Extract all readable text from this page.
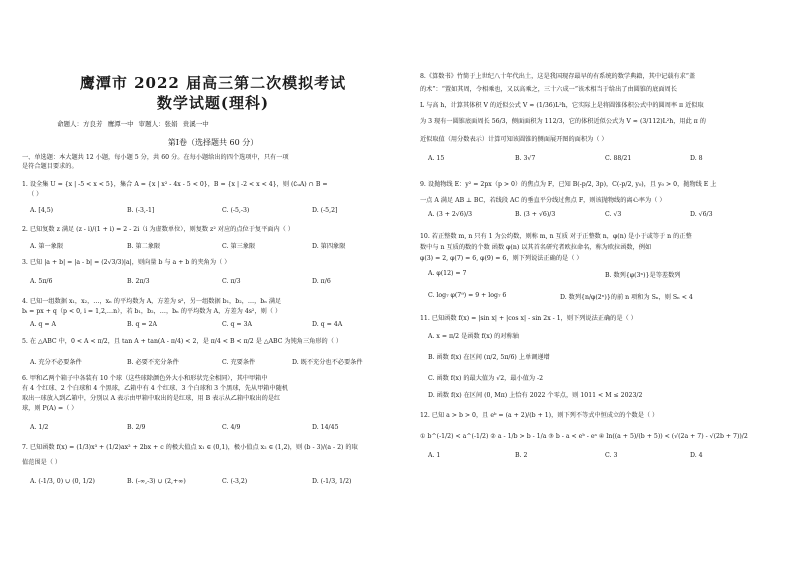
鹰潭市 2022 届高三第二次模拟考试
数学试题(理科)
命题人：方良芳 鹰潭一中 审题人：张娟 贵溪一中
第Ⅰ卷（选择题共 60 分）
一、单选题：本大题共 12 小题，每小题 5 分，共 60 分。在每小题给出的四个选项中，只有一项
是符合题目要求的。
1. 设全集 U = {x | -5 < x < 5}，集合 A = {x | x² - 4x - 5 < 0}，B = {x | -2 < x < 4}，则 (∁ᵤA) ∩ B =
（ ）
A. [4,5)	B. (-3,-1]	C. (-5,-3)	D. (-5,2]
2. 已知复数 z 满足 (z - i)/(1 + i) = 2 - 2i（i 为虚数单位），则复数 z² 对应的点位于复平面内（ ）
A. 第一象限	B. 第二象限	C. 第三象限	D. 第四象限
3. 已知 |a + b| = |a - b| = (2√3/3)|a|，则向量 b 与 a + b 的夹角为（ ）
A. 5π/6	B. 2π/3	C. π/3	D. π/6
4. 已知一组数据 x₁，x₂，…，xₙ 的平均数为 A，方差为 s²，另一组数据 b₁，b₂，…，bₙ 满足
bᵢ = px + q（p < 0, i = 1,2,…n），若 b₁，b₂，…，bₙ 的平均数为 A，方差为 4s²，则（ ）
A. q = A	B. q = 2A	C. q = 3A	D. q = 4A
5. 在 △ABC 中，0 < A < π/2，且 tan A + tan(A - π/4) < 2，是 π/4 < B < π/2 是 △ABC 为钝角三角形的（ ）
A. 充分不必要条件	B. 必要不充分条件	C. 充要条件	D. 既不充分也不必要条件
6. 甲和乙两个箱子中各装有 10 个球（这些球除颜色外大小和形状完全相同），其中甲箱中
有 4 个红球、2 个白球和 4 个黑球，乙箱中有 4 个红球、3 个白球和 3 个黑球，先从甲箱中随机
取出一球放入到乙箱中，分别以 A 表示由甲箱中取出的是红球，用 B 表示从乙箱中取出的是红
球，则 P(A) =（ ）
A. 1/2	B. 2/9	C. 4/9	D. 14/45
7. 已知函数 f(x) = (1/3)x³ + (1/2)ax² + 2bx + c 的极大值点 x₁ ∈ (0,1)，极小值点 x₂ ∈ (1,2)，则 (b - 3)/(a - 2) 的取
值范围是（ ）
A. (-1/3, 0) ∪ (0, 1/2)	B. (-∞,-3) ∪ (2,+∞)	C. (-3,2)	D. (-1/3, 1/2)
8.《算数书》竹简于上世纪八十年代出土，这是我国现存最早的有系统的数学典籍，其中记载有求“盖
的术”：“置如其周，令相乘也，又以高乘之，三十六成一”该术相当于给出了由圆锥的底面周长
L 与高 h，计算其体积 V 的近似公式 V ≈ (1/36)L²h，它实际上是将圆锥体积公式中的圆周率 π 近似取
为 3 现有一圆锥底面周长 56/3，侧面面积为 112/3，它的体积近似公式为 V ≈ (3/112)L²h，用此 π 的
近似取值（用分数表示）计算可知该圆锥的侧面展开图的面积为（ ）
A. 15	B. 3√7	C. 88/21	D. 8
9. 设抛物线 E：y² = 2px（p > 0）的焦点为 F，已知 B(-p/2, 3p)，C(-p/2, y₀)，且 y₀ > 0，抛物线 E 上
一点 A 满足 AB ⊥ BC，若线段 AC 的垂直平分线过焦点 F，则该抛物线的离心率为（ ）
A. (3 + 2√6)/3	B. (3 + √6)/3	C. √3	D. √6/3
10. 若正整数 m, n 只有 1 为公约数，则称 m, n 互质 对于正整数 n，φ(n) 是小于或等于 n 的正整
数中与 n 互质的数的个数 函数 φ(n) 以其首名研究者欧拉命名，称为欧拉函数，例如
φ(3) = 2, φ(7) = 6, φ(9) = 6，则下列说法正确的是（ ）
A. φ(12) = 7	B. 数列{φ(3ⁿ)}是等差数列
C. log₇ φ(7⁹) = 9 + log₇ 6	D. 数列{n/φ(2ⁿ)}的前 n 项和为 Sₙ，则 Sₙ < 4
11. 已知函数 f(x) = |sin x| + |cos x| - sin 2x - 1，则下列说法正确的是（ ）
A. x = π/2 是函数 f(x) 的对称轴
B. 函数 f(x) 在区间 (π/2, 5π/6) 上单调递增
C. 函数 f(x) 的最大值为 √2，最小值为 -2
D. 函数 f(x) 在区间 (0, Mπ) 上恰有 2022 个零点，则 1011 < M ≤ 2023/2
12. 已知 a > b > 0，且 eᵇ = (a + 2)/(b + 1)，则下列不等式中恒成立的个数是（ ）
① b^(-1/2) < a^(-1/2) ② a - 1/b > b - 1/a ③ b - a < eᵇ - eᵃ ④ ln((a + 5)/(b + 5)) < (√(2a + 7) - √(2b + 7))/2
A. 1	B. 2	C. 3	D. 4
